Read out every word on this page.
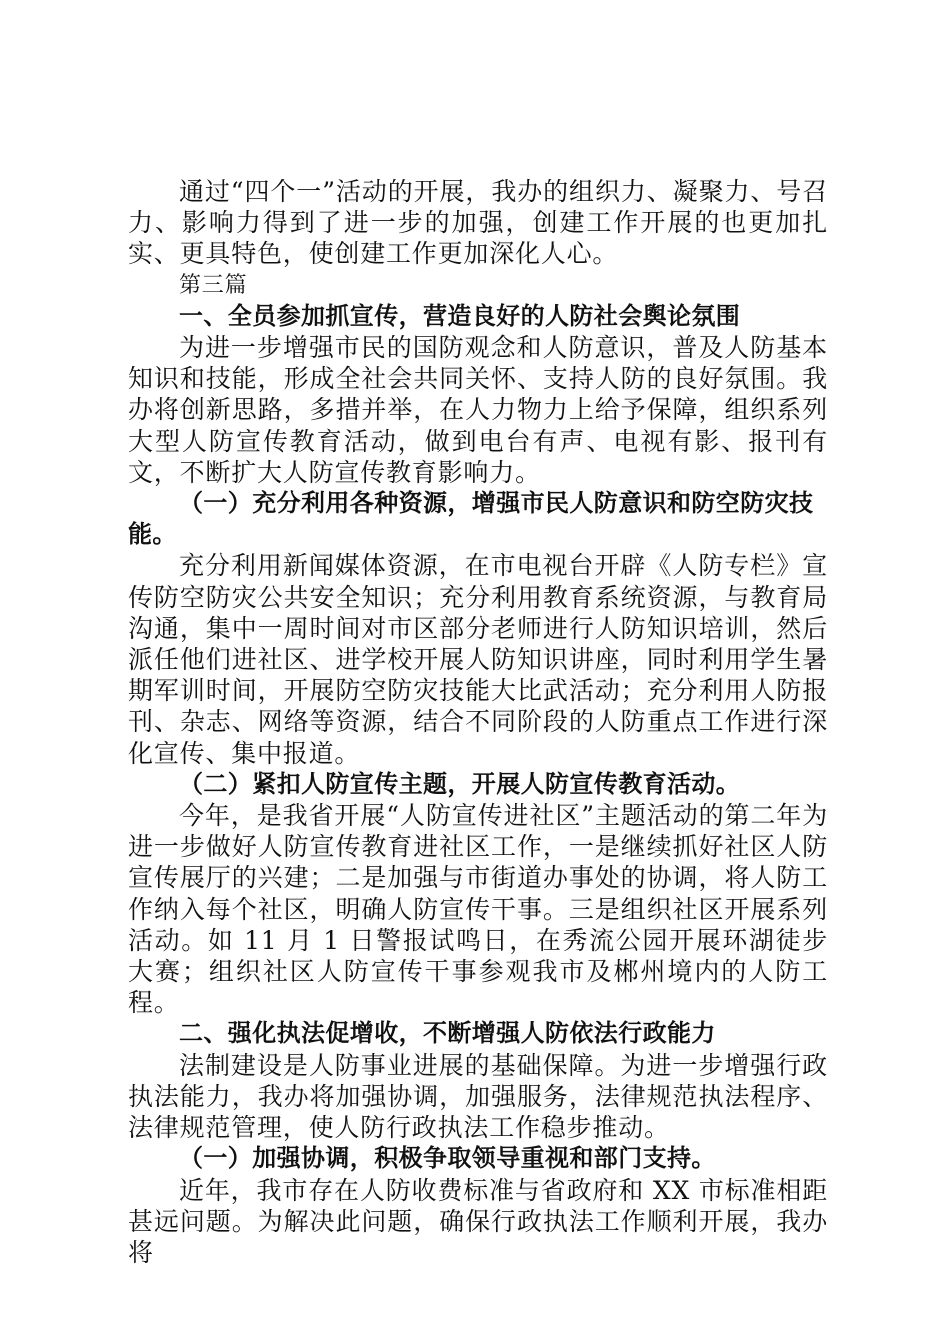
通过“四个一”活动的开展，我办的组织力、凝聚力、号召力、影响力得到了进一步的加强，创建工作开展的也更加扎实、更具特色，使创建工作更加深化人心。

第三篇

一、全员参加抓宣传，营造良好的人防社会舆论氛围

为进一步增强市民的国防观念和人防意识，普及人防基本知识和技能，形成全社会共同关怀、支持人防的良好氛围。我办将创新思路，多措并举，在人力物力上给予保障，组织系列大型人防宣传教育活动，做到电台有声、电视有影、报刊有文，不断扩大人防宣传教育影响力。

（一）充分利用各种资源，增强市民人防意识和防空防灾技能。

充分利用新闻媒体资源，在市电视台开辟《人防专栏》宣传防空防灾公共安全知识；充分利用教育系统资源，与教育局沟通，集中一周时间对市区部分老师进行人防知识培训，然后派任他们进社区、进学校开展人防知识讲座，同时利用学生暑期军训时间，开展防空防灾技能大比武活动；充分利用人防报刊、杂志、网络等资源，结合不同阶段的人防重点工作进行深化宣传、集中报道。

（二）紧扣人防宣传主题，开展人防宣传教育活动。

今年，是我省开展“人防宣传进社区”主题活动的第二年为进一步做好人防宣传教育进社区工作，一是继续抓好社区人防宣传展厅的兴建；二是加强与市街道办事处的协调，将人防工作纳入每个社区，明确人防宣传干事。三是组织社区开展系列活动。如 11 月 1 日警报试鸣日，在秀流公园开展环湖徒步大赛；组织社区人防宣传干事参观我市及郴州境内的人防工程。

二、强化执法促增收，不断增强人防依法行政能力

法制建设是人防事业进展的基础保障。为进一步增强行政执法能力，我办将加强协调，加强服务，法律规范执法程序、法律规范管理，使人防行政执法工作稳步推动。

（一）加强协调，积极争取领导重视和部门支持。

近年，我市存在人防收费标准与省政府和 XX 市标准相距甚远问题。为解决此问题，确保行政执法工作顺利开展，我办将
